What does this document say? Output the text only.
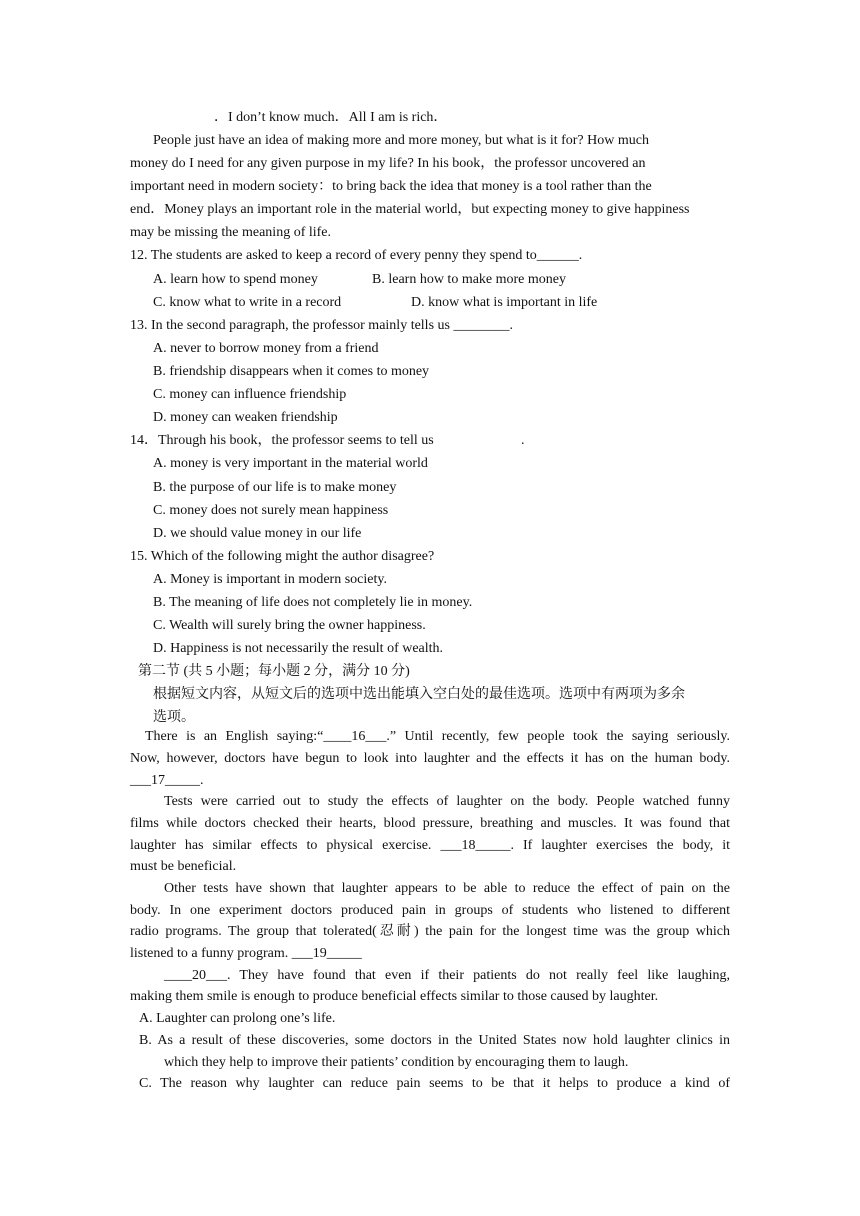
．I don’t know much．All I am is rich．
People just have an idea of making more and more money, but what is it for? How much
money do I need for any given purpose in my life? In his book，the professor uncovered an
important need in modern society：to bring back the idea that money is a tool rather than the
end．Money plays an important role in the material world，but expecting money to give happiness
may be missing the meaning of life.
12. The students are asked to keep a record of every penny they spend to______.
A. learn how to spend money	B. learn how to make more money
C. know what to write in a record	D. know what is important in life
13. In the second paragraph, the professor mainly tells us ________.
A. never to borrow money from a friend
B. friendship disappears when it comes to money
C. money can influence friendship
D. money can weaken friendship
14．Through his book，the professor seems to tell us	.
A. money is very important in the material world
B. the purpose of our life is to make money
C. money does not surely mean happiness
D. we should value money in our life
15. Which of the following might the author disagree?
A. Money is important in modern society.
B. The meaning of life does not completely lie in money.
C. Wealth will surely bring the owner happiness.
D. Happiness is not necessarily the result of wealth.
第二节 (共 5 小题；每小题 2 分，满分 10 分)
根据短文内容，从短文后的选项中选出能填入空白处的最佳选项。选项中有两项为多余
选项。
There is an English saying:“____16___.” Until recently, few people took the saying seriously.
Now, however, doctors have begun to look into laughter and the effects it has on the human body.
___17_____.
Tests were carried out to study the effects of laughter on the body. People watched funny
films while doctors checked their hearts, blood pressure, breathing and muscles. It was found that
laughter has similar effects to physical exercise. ___18_____. If laughter exercises the body, it
must be beneficial.
Other tests have shown that laughter appears to be able to reduce the effect of pain on the
body. In one experiment doctors produced pain in groups of students who listened to different
radio programs. The group that tolerated(忍耐) the pain for the longest time was the group which
listened to a funny program. ___19_____
____20___. They have found that even if their patients do not really feel like laughing,
making them smile is enough to produce beneficial effects similar to those caused by laughter.
A. Laughter can prolong one’s life.
B. As a result of these discoveries, some doctors in the United States now hold laughter clinics in
which they help to improve their patients’ condition by encouraging them to laugh.
C. The reason why laughter can reduce pain seems to be that it helps to produce a kind of
